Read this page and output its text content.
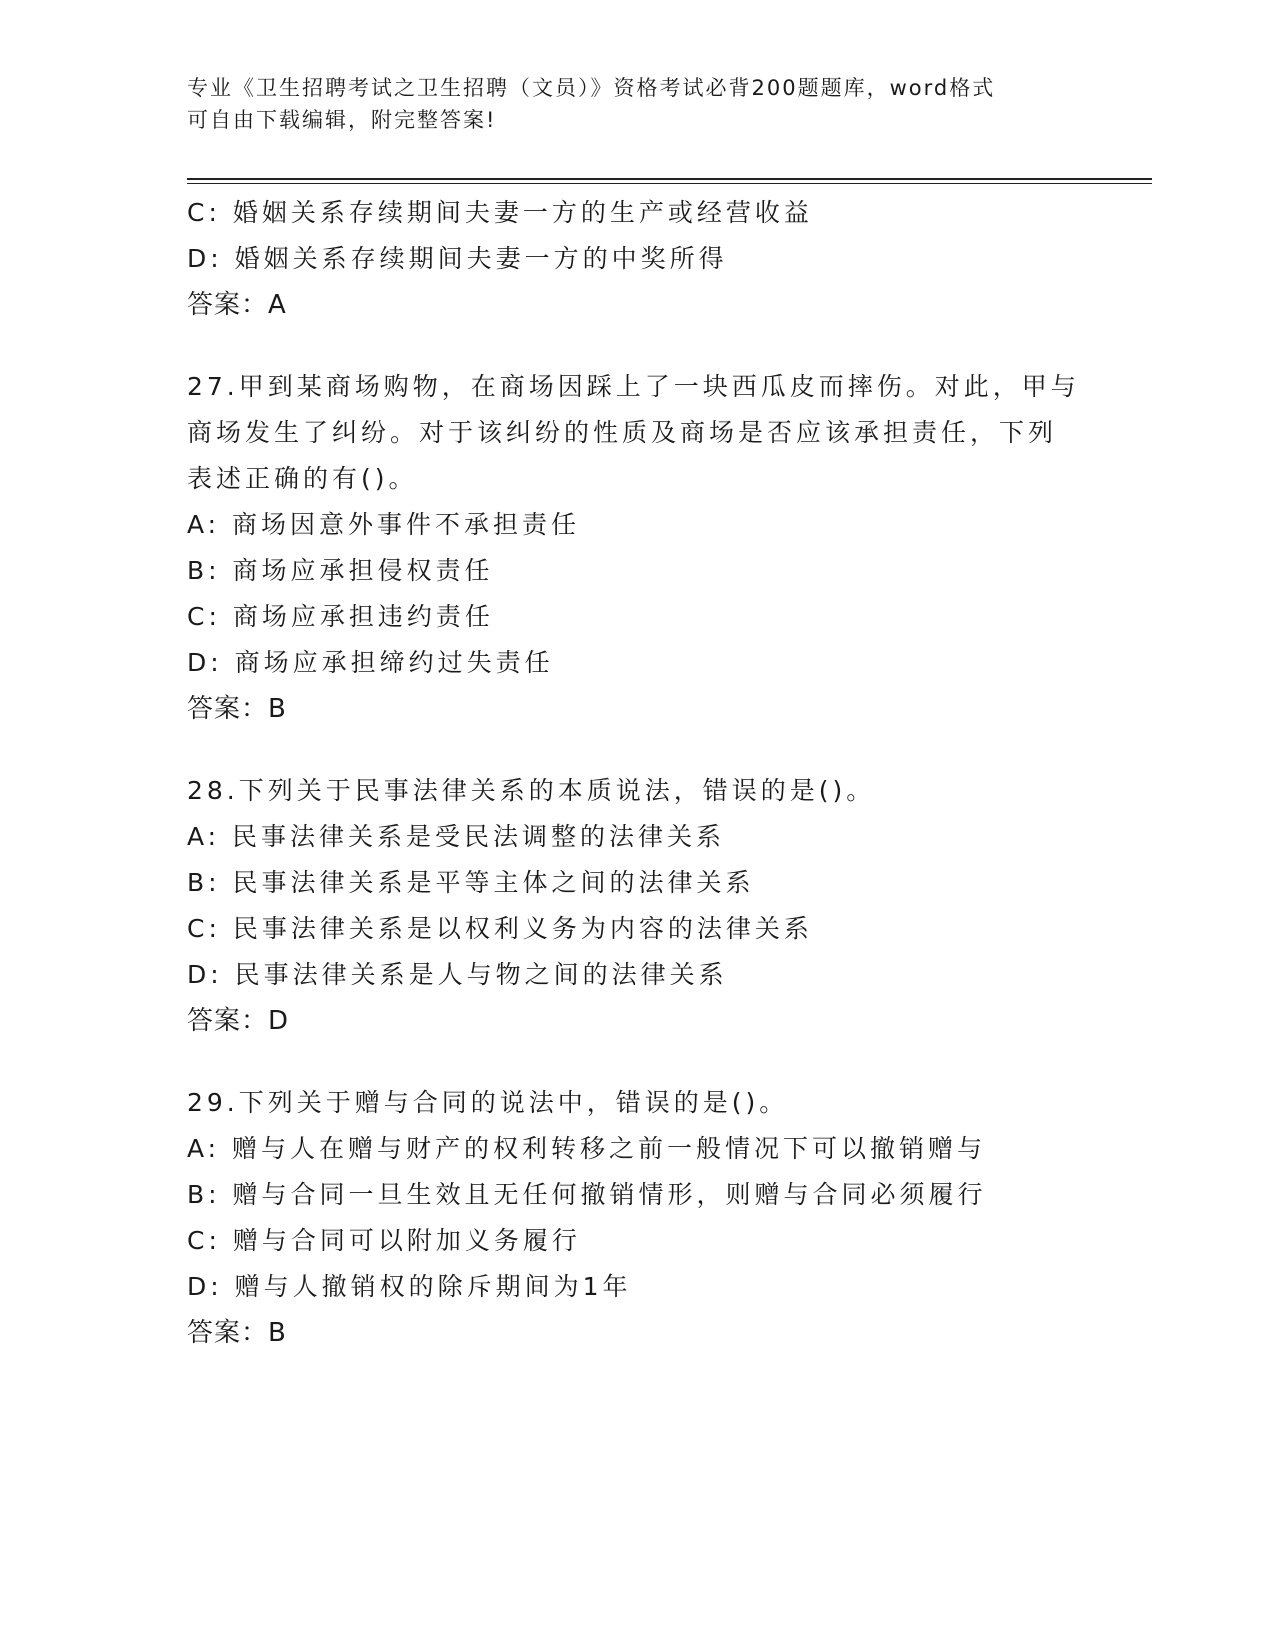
专业《卫生招聘考试之卫生招聘（文员）》资格考试必背200题题库，word格式
可自由下载编辑，附完整答案!
C: 婚姻关系存续期间夫妻一方的生产或经营收益
D: 婚姻关系存续期间夫妻一方的中奖所得
答案：A
27.甲到某商场购物，在商场因踩上了一块西瓜皮而摔伤。对此，甲与
商场发生了纠纷。对于该纠纷的性质及商场是否应该承担责任，下列
表述正确的有()。
A: 商场因意外事件不承担责任
B: 商场应承担侵权责任
C: 商场应承担违约责任
D: 商场应承担缔约过失责任
答案：B
28.下列关于民事法律关系的本质说法，错误的是()。
A: 民事法律关系是受民法调整的法律关系
B: 民事法律关系是平等主体之间的法律关系
C: 民事法律关系是以权利义务为内容的法律关系
D: 民事法律关系是人与物之间的法律关系
答案：D
29.下列关于赠与合同的说法中，错误的是()。
A: 赠与人在赠与财产的权利转移之前一般情况下可以撤销赠与
B: 赠与合同一旦生效且无任何撤销情形，则赠与合同必须履行
C: 赠与合同可以附加义务履行
D: 赠与人撤销权的除斥期间为1年
答案：B
